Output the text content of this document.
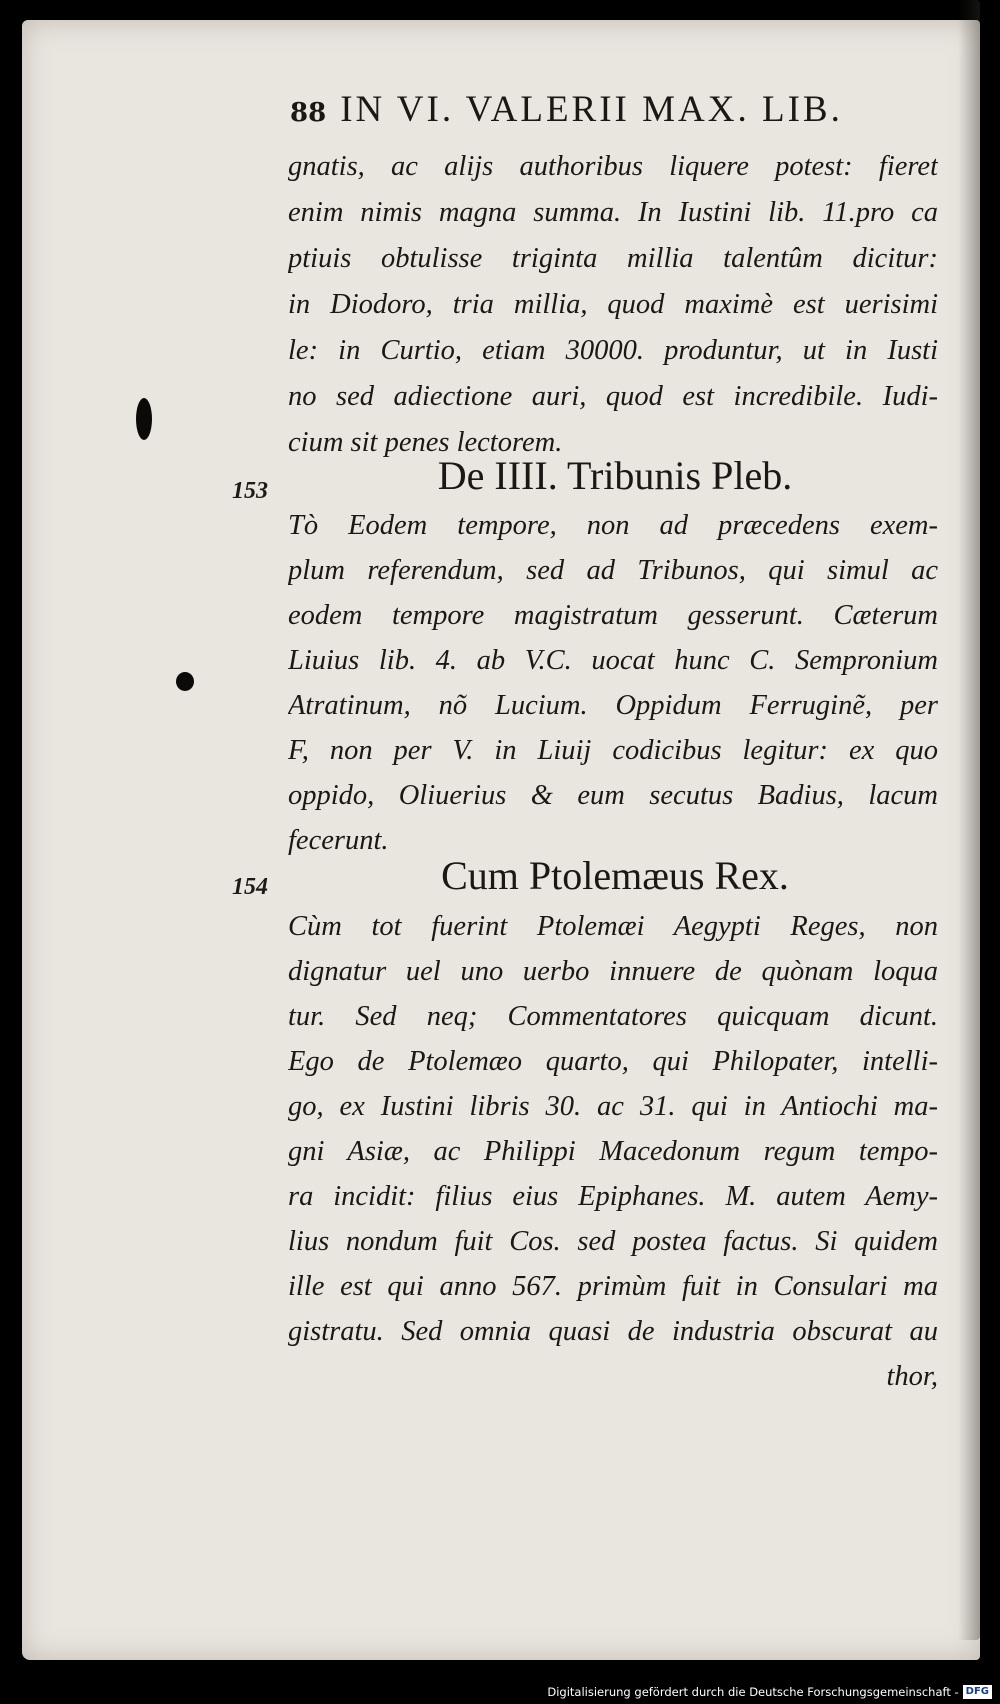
88 IN VI. VALERII MAX. LIB.
gnatis, ac alijs authoribus liquere potest: fieret
enim nimis magna summa. In Iustini lib. 11.pro ca
ptiuis obtulisse triginta millia talentûm dicitur:
in Diodoro, tria millia, quod maximè est uerisimi
le: in Curtio, etiam 30000. produntur, ut in Iusti
no sed adiectione auri, quod est incredibile. Iudi-
cium sit penes lectorem.
153	De IIII. Tribunis Pleb.
Tò Eodem tempore, non ad præcedens exem-
plum referendum, sed ad Tribunos, qui simul ac
eodem tempore magistratum gesserunt. Cæterum
Liuius lib. 4. ab V.C. uocat hunc C. Sempronium
Atratinum, nõ Lucium. Oppidum Ferruginẽ, per
F, non per V. in Liuij codicibus legitur: ex quo
oppido, Oliuerius & eum secutus Badius, lacum
fecerunt.
154	Cum Ptolemæus Rex.
Cùm tot fuerint Ptolemæi Aegypti Reges, non
dignatur uel uno uerbo innuere de quònam loqua
tur. Sed neq; Commentatores quicquam dicunt.
Ego de Ptolemæo quarto, qui Philopater, intelli-
go, ex Iustini libris 30. ac 31. qui in Antiochi ma-
gni Asiæ, ac Philippi Macedonum regum tempo-
ra incidit: filius eius Epiphanes. M. autem Aemy-
lius nondum fuit Cos. sed postea factus. Si quidem
ille est qui anno 567. primùm fuit in Consulari ma
gistratu. Sed omnia quasi de industria obscurat au
thor,
Digitalisierung gefördert durch die Deutsche Forschungsgemeinschaft - DFG
